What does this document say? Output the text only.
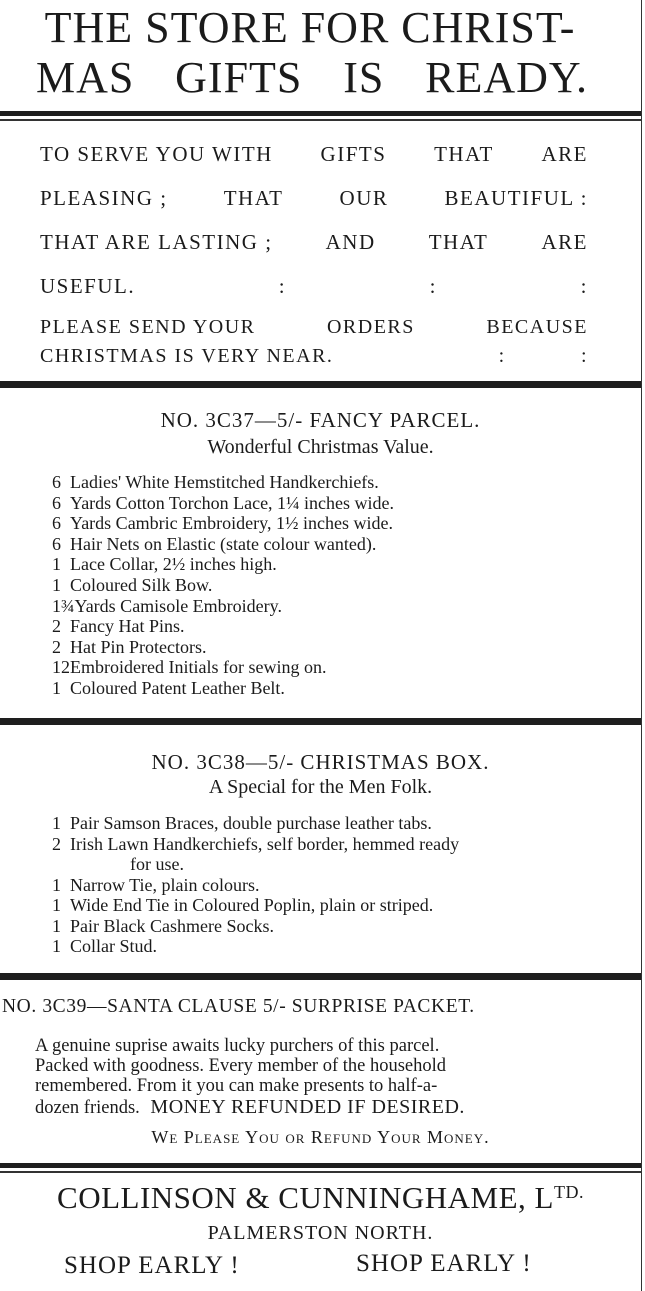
THE STORE FOR CHRIST-
MAS GIFTS IS READY.
TO SERVE YOU WITH GIFTS THAT ARE
PLEASING ;	THAT	OUR	BEAUTIFUL :
THAT ARE LASTING ;	AND	THAT	ARE
USEFUL.	:	:	:
PLEASE SEND YOUR	ORDERS	BECAUSE
CHRISTMAS IS VERY NEAR.	:	:
NO. 3C37—5/- FANCY PARCEL.
Wonderful Christmas Value.
6 Ladies' White Hemstitched Handkerchiefs.
6 Yards Cotton Torchon Lace, 1¼ inches wide.
6 Yards Cambric Embroidery, 1½ inches wide.
6 Hair Nets on Elastic (state colour wanted).
1 Lace Collar, 2½ inches high.
1 Coloured Silk Bow.
1¾Yards Camisole Embroidery.
2 Fancy Hat Pins.
2 Hat Pin Protectors.
12Embroidered Initials for sewing on.
1 Coloured Patent Leather Belt.
NO. 3C38—5/- CHRISTMAS BOX.
A Special for the Men Folk.
1 Pair Samson Braces, double purchase leather tabs.
2 Irish Lawn Handkerchiefs, self border, hemmed ready
for use.
1 Narrow Tie, plain colours.
1 Wide End Tie in Coloured Poplin, plain or striped.
1 Pair Black Cashmere Socks.
1 Collar Stud.
NO. 3C39—SANTA CLAUSE 5/- SURPRISE PACKET.
A genuine suprise awaits lucky purchers of this parcel.
Packed with goodness. Every member of the household
remembered. From it you can make presents to half-a-
dozen friends. MONEY REFUNDED IF DESIRED.
We Please You or Refund Your Money.
COLLINSON & CUNNINGHAME, $L^{TD.}$
PALMERSTON NORTH.
SHOP EARLY !	SHOP EARLY !
